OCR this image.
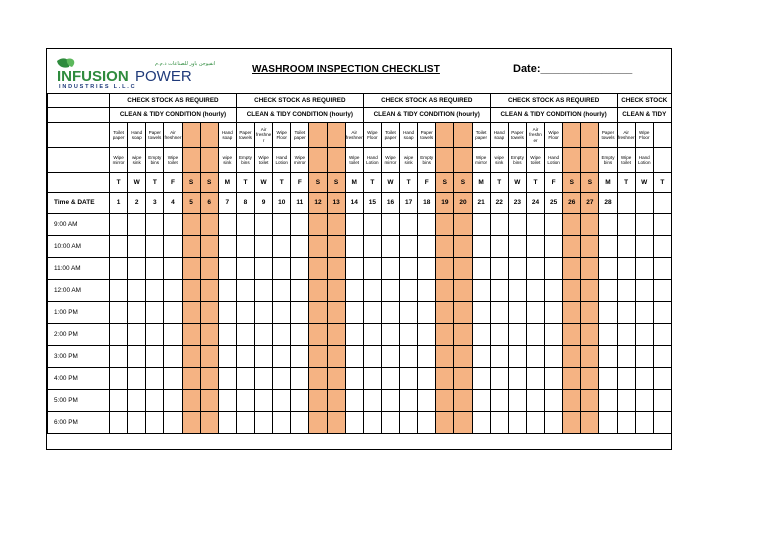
انفيوجن باور للصناعات ذ.م.م
INFUSION POWER
INDUSTRIES L.L.C
WASHROOM INSPECTION CHECKLIST	Date:_______________
	CHECK STOCK AS REQUIRED							CHECK STOCK AS REQUIRED							CHECK STOCK AS REQUIRED							CHECK STOCK AS REQUIRED							CHECK STOCK		
	CLEAN & TIDY CONDITION (hourly)							CLEAN & TIDY CONDITION (hourly)							CLEAN & TIDY CONDITION (hourly)							CLEAN & TIDY CONDITION (hourly)							CLEAN & TIDY		
	Toilet paper	Hand soap	Paper towels	Air freshner			Hand soap	Paper towels	Air freshne r	Wipe Floor	Toilet paper			Air freshner	Wipe Floor	Toilet paper	Hand soap	Paper towels			Toilet paper	Hand soap	Paper towels	Air freshn er	Wipe Floor			Paper towels	Air freshner	Wipe Floor	
	Wipe mirror	wipe sink	Empty bins	Wipe toilet			wipe sink	Empty bins	Wipe toilet	Hand Lotion	Wipe mirror			Wipe toilet	Hand Lotion	Wipe mirror	wipe sink	Empty bins			Wipe mirror	wipe sink	Empty bins	Wipe toilet	Hand Lotion			Empty bins	Wipe toilet	Hand Lotion	
	T	W	T	F	S	S	M	T	W	T	F	S	S	M	T	W	T	F	S	S	M	T	W	T	F	S	S	M	T	W	T
Time & DATE	1	2	3	4	5	6	7	8	9	10	11	12	13	14	15	16	17	18	19	20	21	22	23	24	25	26	27	28			
9:00 AM																															
10:00 AM																															
11:00 AM																															
12:00 AM																															
1:00 PM																															
2:00 PM																															
3:00 PM																															
4:00 PM																															
5:00 PM																															
6:00 PM																															
